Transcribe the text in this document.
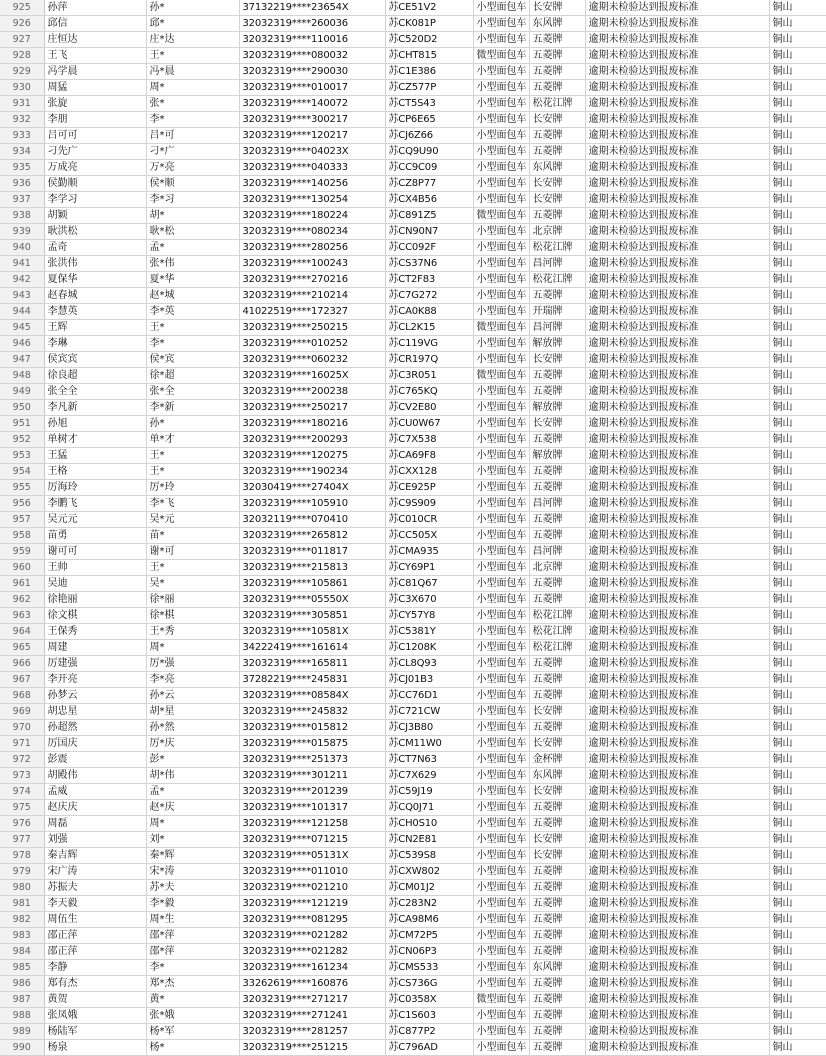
925	孙萍	孙*	37132219****23654X	苏CE51V2	小型面包车	长安牌	逾期未检验达到报废标准	铜山
926	邱信	邱*	32032319****260036	苏CK081P	小型面包车	东风牌	逾期未检验达到报废标准	铜山
927	庄恒达	庄*达	32032319****110016	苏C520D2	小型面包车	五菱牌	逾期未检验达到报废标准	铜山
928	王飞	王*	32032319****080032	苏CHT815	微型面包车	五菱牌	逾期未检验达到报废标准	铜山
929	冯学晨	冯*晨	32032319****290030	苏C1E386	小型面包车	五菱牌	逾期未检验达到报废标准	铜山
930	周猛	周*	32032319****010017	苏CZ577P	小型面包车	五菱牌	逾期未检验达到报废标准	铜山
931	张旋	张*	32032319****140072	苏CT5S43	小型面包车	松花江牌	逾期未检验达到报废标准	铜山
932	李朋	李*	32032319****300217	苏CP6E65	小型面包车	长安牌	逾期未检验达到报废标准	铜山
933	吕可可	吕*可	32032319****120217	苏CJ6Z66	小型面包车	五菱牌	逾期未检验达到报废标准	铜山
934	刁先广	刁*广	32032319****04023X	苏CQ9U90	小型面包车	五菱牌	逾期未检验达到报废标准	铜山
935	万成亮	万*亮	32032319****040333	苏CC9C09	小型面包车	东风牌	逾期未检验达到报废标准	铜山
936	侯勤顺	侯*顺	32032319****140256	苏CZ8P77	小型面包车	长安牌	逾期未检验达到报废标准	铜山
937	李学习	李*习	32032319****130254	苏CX4B56	小型面包车	长安牌	逾期未检验达到报废标准	铜山
938	胡颖	胡*	32032319****180224	苏C891Z5	微型面包车	五菱牌	逾期未检验达到报废标准	铜山
939	耿洪松	耿*松	32032319****080234	苏CN90N7	小型面包车	北京牌	逾期未检验达到报废标准	铜山
940	孟奇	孟*	32032319****280256	苏CC092F	小型面包车	松花江牌	逾期未检验达到报废标准	铜山
941	张洪伟	张*伟	32032319****100243	苏CS37N6	小型面包车	昌河牌	逾期未检验达到报废标准	铜山
942	夏保华	夏*华	32032319****270216	苏CT2F83	小型面包车	松花江牌	逾期未检验达到报废标准	铜山
943	赵春城	赵*城	32032319****210214	苏C7G272	小型面包车	五菱牌	逾期未检验达到报废标准	铜山
944	李慧英	李*英	41022519****172327	苏CA0K88	小型面包车	开瑞牌	逾期未检验达到报废标准	铜山
945	王辉	王*	32032319****250215	苏CL2K15	微型面包车	昌河牌	逾期未检验达到报废标准	铜山
946	李琳	李*	32032319****010252	苏C119VG	小型面包车	解放牌	逾期未检验达到报废标准	铜山
947	侯宾宾	侯*宾	32032319****060232	苏CR197Q	小型面包车	长安牌	逾期未检验达到报废标准	铜山
948	徐良超	徐*超	32032319****16025X	苏C3R051	微型面包车	五菱牌	逾期未检验达到报废标准	铜山
949	张全全	张*全	32032319****200238	苏C765KQ	小型面包车	五菱牌	逾期未检验达到报废标准	铜山
950	李凡新	李*新	32032319****250217	苏CV2E80	小型面包车	解放牌	逾期未检验达到报废标准	铜山
951	孙旭	孙*	32032319****180216	苏CU0W67	小型面包车	长安牌	逾期未检验达到报废标准	铜山
952	单树才	单*才	32032319****200293	苏C7X538	小型面包车	五菱牌	逾期未检验达到报废标准	铜山
953	王猛	王*	32032319****120275	苏CA69F8	小型面包车	解放牌	逾期未检验达到报废标准	铜山
954	王格	王*	32032319****190234	苏CXX128	小型面包车	五菱牌	逾期未检验达到报废标准	铜山
955	厉海玲	厉*玲	32030419****27404X	苏CE925P	小型面包车	五菱牌	逾期未检验达到报废标准	铜山
956	李鹏飞	李*飞	32032319****105910	苏C9S909	小型面包车	昌河牌	逾期未检验达到报废标准	铜山
957	吴元元	吴*元	32032119****070410	苏C010CR	小型面包车	五菱牌	逾期未检验达到报废标准	铜山
958	苗勇	苗*	32032319****265812	苏CC505X	小型面包车	五菱牌	逾期未检验达到报废标准	铜山
959	谢可可	谢*可	32032319****011817	苏CMA935	小型面包车	昌河牌	逾期未检验达到报废标准	铜山
960	王帅	王*	32032319****215813	苏CY69P1	小型面包车	北京牌	逾期未检验达到报废标准	铜山
961	吴迪	吴*	32032319****105861	苏C81Q67	小型面包车	五菱牌	逾期未检验达到报废标准	铜山
962	徐艳丽	徐*丽	32032319****05550X	苏C3X670	小型面包车	五菱牌	逾期未检验达到报废标准	铜山
963	徐文棋	徐*棋	32032319****305851	苏CY57Y8	小型面包车	松花江牌	逾期未检验达到报废标准	铜山
964	王保秀	王*秀	32032319****10581X	苏C5381Y	小型面包车	松花江牌	逾期未检验达到报废标准	铜山
965	周建	周*	34222419****161614	苏C1208K	小型面包车	松花江牌	逾期未检验达到报废标准	铜山
966	厉建强	厉*强	32032319****165811	苏CL8Q93	小型面包车	五菱牌	逾期未检验达到报废标准	铜山
967	李开亮	李*亮	37282219****245831	苏CJ01B3	小型面包车	五菱牌	逾期未检验达到报废标准	铜山
968	孙梦云	孙*云	32032319****08584X	苏CC76D1	小型面包车	五菱牌	逾期未检验达到报废标准	铜山
969	胡忠星	胡*星	32032319****245832	苏C721CW	小型面包车	长安牌	逾期未检验达到报废标准	铜山
970	孙超然	孙*然	32032319****015812	苏CJ3B80	小型面包车	五菱牌	逾期未检验达到报废标准	铜山
971	厉国庆	厉*庆	32032319****015875	苏CM11W0	小型面包车	长安牌	逾期未检验达到报废标准	铜山
972	彭震	彭*	32032319****251373	苏CT7N63	小型面包车	金杯牌	逾期未检验达到报废标准	铜山
973	胡殿伟	胡*伟	32032319****301211	苏C7X629	小型面包车	东风牌	逾期未检验达到报废标准	铜山
974	孟威	孟*	32032319****201239	苏C59J19	小型面包车	长安牌	逾期未检验达到报废标准	铜山
975	赵庆庆	赵*庆	32032319****101317	苏CQ0J71	小型面包车	五菱牌	逾期未检验达到报废标准	铜山
976	周磊	周*	32032319****121258	苏CH0S10	小型面包车	五菱牌	逾期未检验达到报废标准	铜山
977	刘强	刘*	32032319****071215	苏CN2E81	小型面包车	长安牌	逾期未检验达到报废标准	铜山
978	秦吉辉	秦*辉	32032319****05131X	苏C539S8	小型面包车	长安牌	逾期未检验达到报废标准	铜山
979	宋广涛	宋*涛	32032319****011010	苏CXW802	小型面包车	五菱牌	逾期未检验达到报废标准	铜山
980	苏振夫	苏*夫	32032319****021210	苏CM01J2	小型面包车	五菱牌	逾期未检验达到报废标准	铜山
981	李天毅	李*毅	32032319****121219	苏C283N2	小型面包车	五菱牌	逾期未检验达到报废标准	铜山
982	周伍生	周*生	32032319****081295	苏CA98M6	小型面包车	五菱牌	逾期未检验达到报废标准	铜山
983	邵正萍	邵*萍	32032319****021282	苏CM72P5	小型面包车	五菱牌	逾期未检验达到报废标准	铜山
984	邵正萍	邵*萍	32032319****021282	苏CN06P3	小型面包车	五菱牌	逾期未检验达到报废标准	铜山
985	李静	李*	32032319****161234	苏CMS533	小型面包车	东风牌	逾期未检验达到报废标准	铜山
986	郑有杰	郑*杰	33262619****160876	苏CS736G	小型面包车	五菱牌	逾期未检验达到报废标准	铜山
987	黄贺	黄*	32032319****271217	苏C0358X	微型面包车	五菱牌	逾期未检验达到报废标准	铜山
988	张凤娥	张*娥	32032319****271241	苏C1S603	小型面包车	五菱牌	逾期未检验达到报废标准	铜山
989	杨陆军	杨*军	32032319****281257	苏C877P2	小型面包车	五菱牌	逾期未检验达到报废标准	铜山
990	杨泉	杨*	32032319****251215	苏C796AD	小型面包车	五菱牌	逾期未检验达到报废标准	铜山
